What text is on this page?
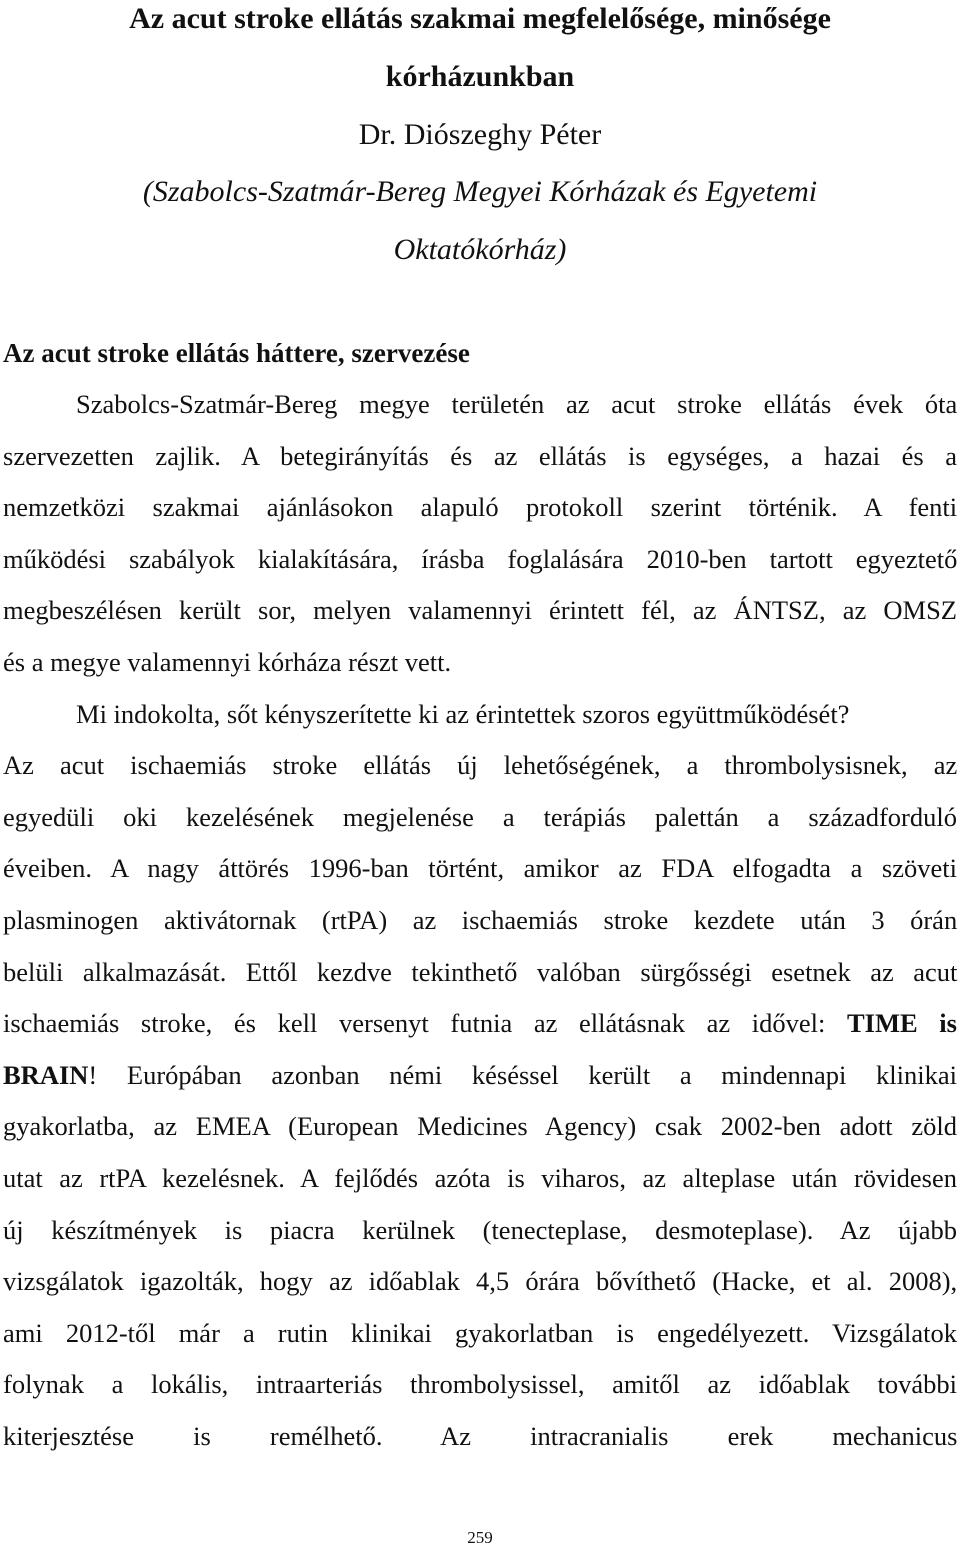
Az acut stroke ellátás szakmai megfelelősége, minősége
kórházunkban
Dr. Diószeghy Péter
(Szabolcs-Szatmár-Bereg Megyei Kórházak és Egyetemi
Oktatókórház)
Az acut stroke ellátás háttere, szervezése
Szabolcs-Szatmár-Bereg megye területén az acut stroke ellátás évek óta
szervezetten zajlik. A betegirányítás és az ellátás is egységes, a hazai és a
nemzetközi szakmai ajánlásokon alapuló protokoll szerint történik. A fenti
működési szabályok kialakítására, írásba foglalására 2010-ben tartott egyeztető
megbeszélésen került sor, melyen valamennyi érintett fél, az ÁNTSZ, az OMSZ
és a megye valamennyi kórháza részt vett.
Mi indokolta, sőt kényszerítette ki az érintettek szoros együttműködését?
Az acut ischaemiás stroke ellátás új lehetőségének, a thrombolysisnek, az
egyedüli oki kezelésének megjelenése a terápiás palettán a századforduló
éveiben. A nagy áttörés 1996-ban történt, amikor az FDA elfogadta a szöveti
plasminogen aktivátornak (rtPA) az ischaemiás stroke kezdete után 3 órán
belüli alkalmazását. Ettől kezdve tekinthető valóban sürgősségi esetnek az acut
ischaemiás stroke, és kell versenyt futnia az ellátásnak az idővel: TIME is
BRAIN! Európában azonban némi késéssel került a mindennapi klinikai
gyakorlatba, az EMEA (European Medicines Agency) csak 2002-ben adott zöld
utat az rtPA kezelésnek. A fejlődés azóta is viharos, az alteplase után rövidesen
új készítmények is piacra kerülnek (tenecteplase, desmoteplase). Az újabb
vizsgálatok igazolták, hogy az időablak 4,5 órára bővíthető (Hacke, et al. 2008),
ami 2012-től már a rutin klinikai gyakorlatban is engedélyezett. Vizsgálatok
folynak a lokális, intraarteriás thrombolysissel, amitől az időablak további
kiterjesztése is remélhető. Az intracranialis erek mechanicus
259
